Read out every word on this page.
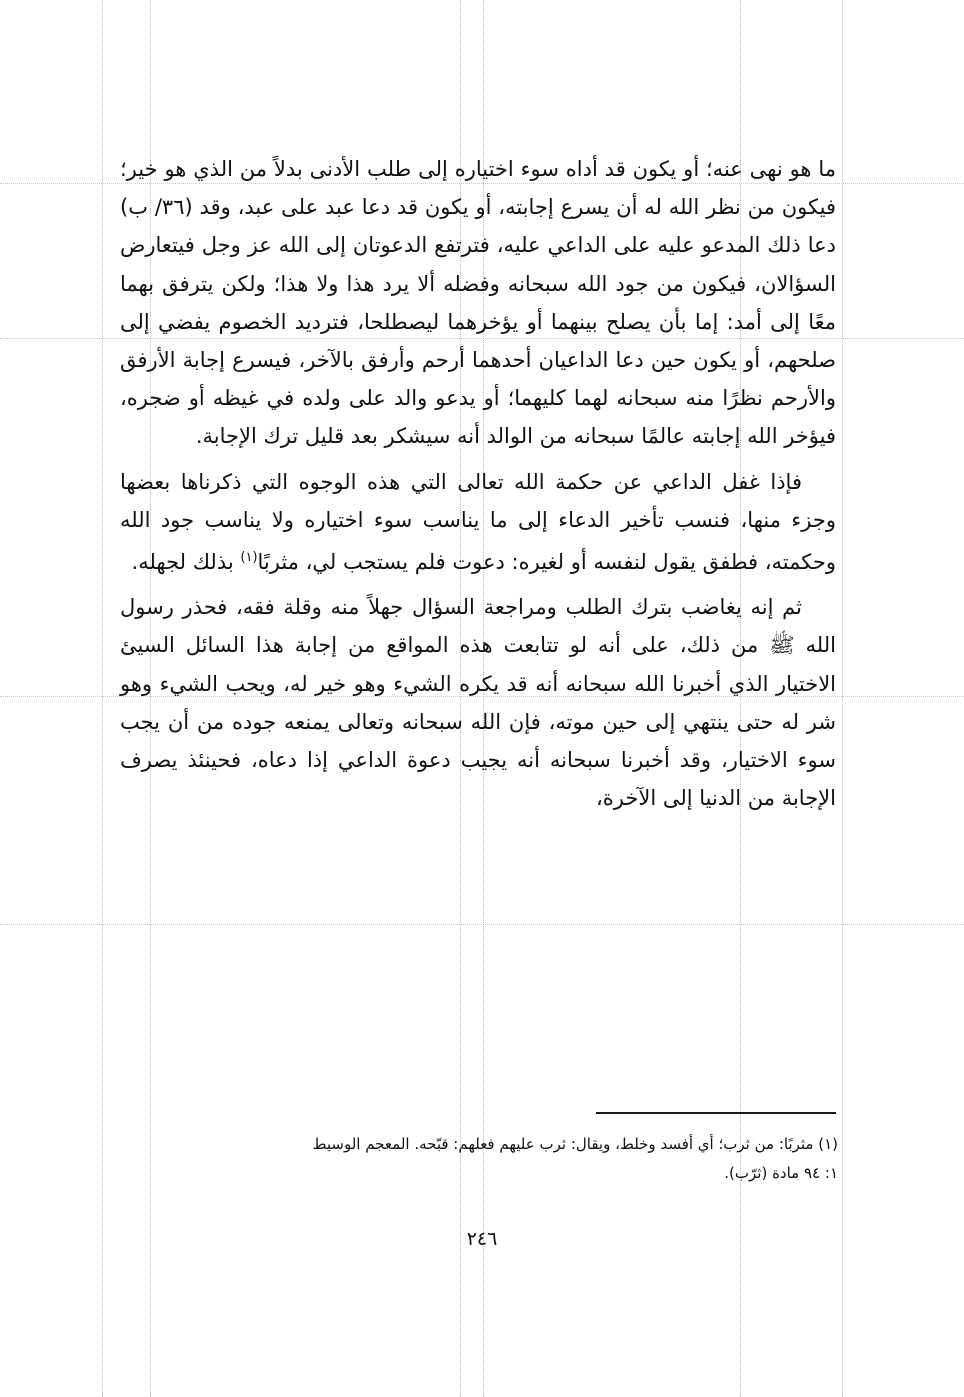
ما هو نهى عنه؛ أو يكون قد أداه سوء اختياره إلى طلب الأدنى بدلاً من الذي هو خير؛ فيكون من نظر الله له أن يسرع إجابته، أو يكون قد دعا عبد على عبد، وقد (٣٦/ ب) دعا ذلك المدعو عليه على الداعي عليه، فترتفع الدعوتان إلى الله عز وجل فيتعارض السؤالان، فيكون من جود الله سبحانه وفضله ألا يرد هذا ولا هذا؛ ولكن يترفق بهما معًا إلى أمد: إما بأن يصلح بينهما أو يؤخرهما ليصطلحا، فترديد الخصوم يفضي إلى صلحهم، أو يكون حين دعا الداعيان أحدهما أرحم وأرفق بالآخر، فيسرع إجابة الأرفق والأرحم نظرًا منه سبحانه لهما كليهما؛ أو يدعو والد على ولده في غيظه أو ضجره، فيؤخر الله إجابته عالمًا سبحانه من الوالد أنه سيشكر بعد قليل ترك الإجابة.

فإذا غفل الداعي عن حكمة الله تعالى التي هذه الوجوه التي ذكرناها بعضها وجزء منها، فنسب تأخير الدعاء إلى ما يناسب سوء اختياره ولا يناسب جود الله وحكمته، فطفق يقول لنفسه أو لغيره: دعوت فلم يستجب لي، مثربًا$^{(١)}$ بذلك لجهله.

ثم إنه يغاضب بترك الطلب ومراجعة السؤال جهلاً منه وقلة فقه، فحذر رسول الله ﷺ من ذلك، على أنه لو تتابعت هذه المواقع من إجابة هذا السائل السيئ الاختيار الذي أخبرنا الله سبحانه أنه قد يكره الشيء وهو خير له، ويحب الشيء وهو شر له حتى ينتهي إلى حين موته، فإن الله سبحانه وتعالى يمنعه جوده من أن يجب سوء الاختيار، وقد أخبرنا سبحانه أنه يجيب دعوة الداعي إذا دعاه، فحينئذ يصرف الإجابة من الدنيا إلى الآخرة،

(١) مثربًا: من ثرب؛ أي أفسد وخلط، ويقال: ثرب عليهم فعلهم: قبّحه. المعجم الوسيط
١: ٩٤ مادة (ثرّب).
٢٤٦
